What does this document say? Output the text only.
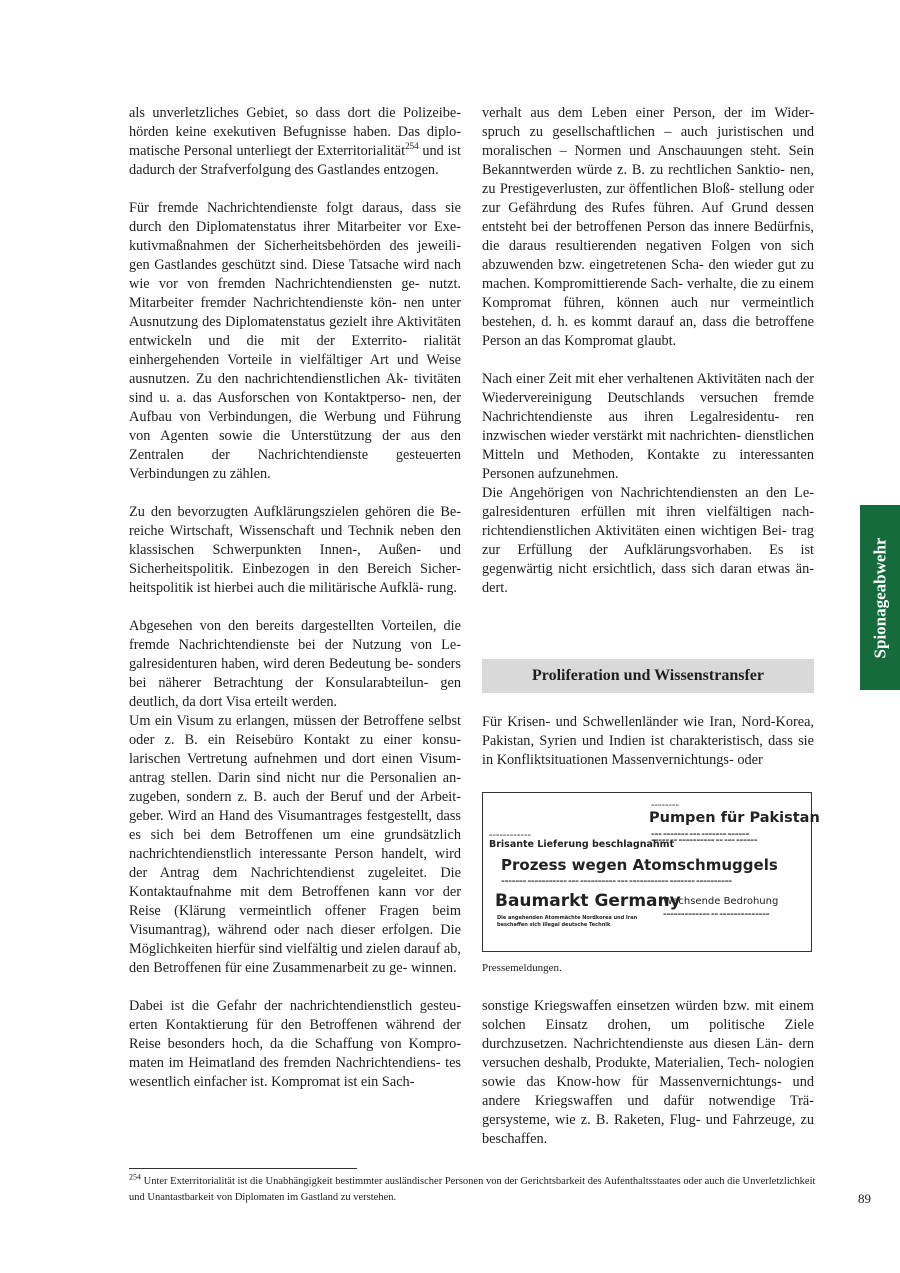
als unverletzliches Gebiet, so dass dort die Polizeibe- hörden keine exekutiven Befugnisse haben. Das diplo- matische Personal unterliegt der Exterritorialität$^{254}$ und ist dadurch der Strafverfolgung des Gastlandes entzogen.

Für fremde Nachrichtendienste folgt daraus, dass sie durch den Diplomatenstatus ihrer Mitarbeiter vor Exe- kutivmaßnahmen der Sicherheitsbehörden des jeweili- gen Gastlandes geschützt sind. Diese Tatsache wird nach wie vor von fremden Nachrichtendiensten ge- nutzt. Mitarbeiter fremder Nachrichtendienste kön- nen unter Ausnutzung des Diplomatenstatus gezielt ihre Aktivitäten entwickeln und die mit der Exterrito- rialität einhergehenden Vorteile in vielfältiger Art und Weise ausnutzen. Zu den nachrichtendienstlichen Ak- tivitäten sind u. a. das Ausforschen von Kontaktperso- nen, der Aufbau von Verbindungen, die Werbung und Führung von Agenten sowie die Unterstützung der aus den Zentralen der Nachrichtendienste gesteuerten Verbindungen zu zählen.

Zu den bevorzugten Aufklärungszielen gehören die Be- reiche Wirtschaft, Wissenschaft und Technik neben den klassischen Schwerpunkten Innen-, Außen- und Sicherheitspolitik. Einbezogen in den Bereich Sicher- heitspolitik ist hierbei auch die militärische Aufklä- rung.

Abgesehen von den bereits dargestellten Vorteilen, die fremde Nachrichtendienste bei der Nutzung von Le- galresidenturen haben, wird deren Bedeutung be- sonders bei näherer Betrachtung der Konsularabteilun- gen deutlich, da dort Visa erteilt werden.

Um ein Visum zu erlangen, müssen der Betroffene selbst oder z. B. ein Reisebüro Kontakt zu einer konsu- larischen Vertretung aufnehmen und dort einen Visum- antrag stellen. Darin sind nicht nur die Personalien an- zugeben, sondern z. B. auch der Beruf und der Arbeit- geber. Wird an Hand des Visumantrages festgestellt, dass es sich bei dem Betroffenen um eine grundsätzlich nachrichtendienstlich interessante Person handelt, wird der Antrag dem Nachrichtendienst zugeleitet. Die Kontaktaufnahme mit dem Betroffenen kann vor der Reise (Klärung vermeintlich offener Fragen beim Visumantrag), während oder nach dieser erfolgen. Die Möglichkeiten hierfür sind vielfältig und zielen darauf ab, den Betroffenen für eine Zusammenarbeit zu ge- winnen.

Dabei ist die Gefahr der nachrichtendienstlich gesteu- erten Kontaktierung für den Betroffenen während der Reise besonders hoch, da die Schaffung von Kompro- maten im Heimatland des fremden Nachrichtendiens- tes wesentlich einfacher ist. Kompromat ist ein Sach-

verhalt aus dem Leben einer Person, der im Wider- spruch zu gesellschaftlichen – auch juristischen und moralischen – Normen und Anschauungen steht. Sein Bekanntwerden würde z. B. zu rechtlichen Sanktio- nen, zu Prestigeverlusten, zur öffentlichen Bloß- stellung oder zur Gefährdung des Rufes führen. Auf Grund dessen entsteht bei der betroffenen Person das innere Bedürfnis, die daraus resultierenden negativen Folgen von sich abzuwenden bzw. eingetretenen Scha- den wieder gut zu machen. Kompromittierende Sach- verhalte, die zu einem Kompromat führen, können auch nur vermeintlich bestehen, d. h. es kommt darauf an, dass die betroffene Person an das Kompromat glaubt.

Nach einer Zeit mit eher verhaltenen Aktivitäten nach der Wiedervereinigung Deutschlands versuchen fremde Nachrichtendienste aus ihren Legalresidentu- ren inzwischen wieder verstärkt mit nachrichten- dienstlichen Mitteln und Methoden, Kontakte zu interessanten Personen aufzunehmen.

Die Angehörigen von Nachrichtendiensten an den Le- galresidenturen erfüllen mit ihren vielfältigen nach- richtendienstlichen Aktivitäten einen wichtigen Bei- trag zur Erfüllung der Aufklärungsvorhaben. Es ist gegenwärtig nicht ersichtlich, dass sich daran etwas än- dert.

Proliferation und Wissenstransfer

Für Krisen- und Schwellenländer wie Iran, Nord-Korea, Pakistan, Syrien und Indien ist charakteristisch, dass sie in Konfliktsituationen Massenvernichtungs- oder

▬▬▬▬▬▬▬▬
Pumpen für Pakistan
▬▬▬ ▬▬▬▬▬▬▬ ▬▬▬ ▬▬▬▬▬▬▬ ▬▬▬▬▬▬
▬▬▬▬▬ ▬▬ ▬▬▬▬▬▬▬▬▬▬ ▬▬ ▬▬▬ ▬▬▬▬▬▬
▬▬▬▬▬▬▬▬▬▬▬▬
Brisante Lieferung beschlagnahmt
Prozess wegen Atomschmuggels
▬▬▬▬▬▬▬ ▬▬▬▬▬▬▬▬▬▬▬ ▬▬▬ ▬▬▬▬▬▬▬▬▬▬ ▬▬▬ ▬▬▬▬▬▬▬▬▬▬▬ ▬▬▬▬▬▬▬ ▬▬▬▬▬▬▬▬▬▬
Baumarkt Germany
Die angehenden Atommächte Nordkorea und Iran beschaffen sich illegal deutsche Technik
Wachsende Bedrohung
▬▬▬▬▬▬▬▬▬▬▬▬▬ ▬▬ ▬▬▬▬▬▬▬▬▬▬▬▬▬▬
Pressemeldungen.

sonstige Kriegswaffen einsetzen würden bzw. mit einem solchen Einsatz drohen, um politische Ziele durchzusetzen. Nachrichtendienste aus diesen Län- dern versuchen deshalb, Produkte, Materialien, Tech- nologien sowie das Know-how für Massenvernichtungs- und andere Kriegswaffen und dafür notwendige Trä- gersysteme, wie z. B. Raketen, Flug- und Fahrzeuge, zu beschaffen.

Spionageabwehr
$^{254}$ Unter Exterritorialität ist die Unabhängigkeit bestimmter ausländischer Personen von der Gerichtsbarkeit des Aufenthaltsstaates oder auch die Unverletzlichkeit und Unantastbarkeit von Diplomaten im Gastland zu verstehen.	89
